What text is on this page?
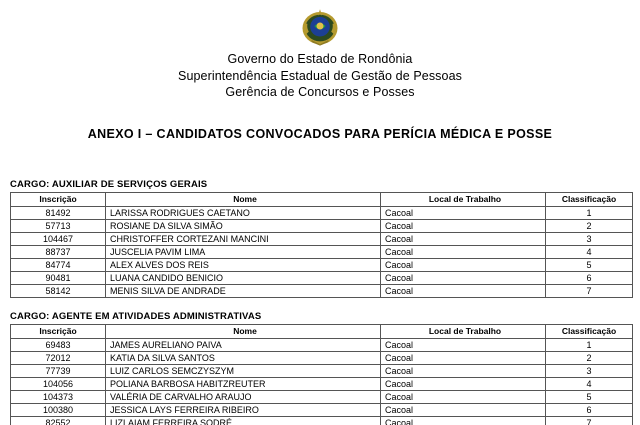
Governo do Estado de Rondônia
Superintendência Estadual de Gestão de Pessoas
Gerência de Concursos e Posses
ANEXO I – CANDIDATOS CONVOCADOS PARA PERÍCIA MÉDICA E POSSE
CARGO: AUXILIAR DE SERVIÇOS GERAIS
Inscrição	Nome	Local de Trabalho	Classificação
81492	LARISSA RODRIGUES CAETANO	Cacoal	1
57713	ROSIANE DA SILVA SIMÃO	Cacoal	2
104467	CHRISTOFFER CORTEZANI MANCINI	Cacoal	3
88737	JUSCELIA PAVIM LIMA	Cacoal	4
84774	ALEX ALVES DOS REIS	Cacoal	5
90481	LUANA CANDIDO BENICIO	Cacoal	6
58142	MENIS SILVA DE ANDRADE	Cacoal	7
CARGO: AGENTE EM ATIVIDADES ADMINISTRATIVAS
Inscrição	Nome	Local de Trabalho	Classificação
69483	JAMES AURELIANO PAIVA	Cacoal	1
72012	KATIA DA SILVA SANTOS	Cacoal	2
77739	LUIZ CARLOS SEMCZYSZYM	Cacoal	3
104056	POLIANA BARBOSA HABITZREUTER	Cacoal	4
104373	VALÉRIA DE CARVALHO ARAUJO	Cacoal	5
100380	JESSICA LAYS FERREIRA RIBEIRO	Cacoal	6
82552	LIZLAIAM FERREIRA SODRÉ	Cacoal	7
